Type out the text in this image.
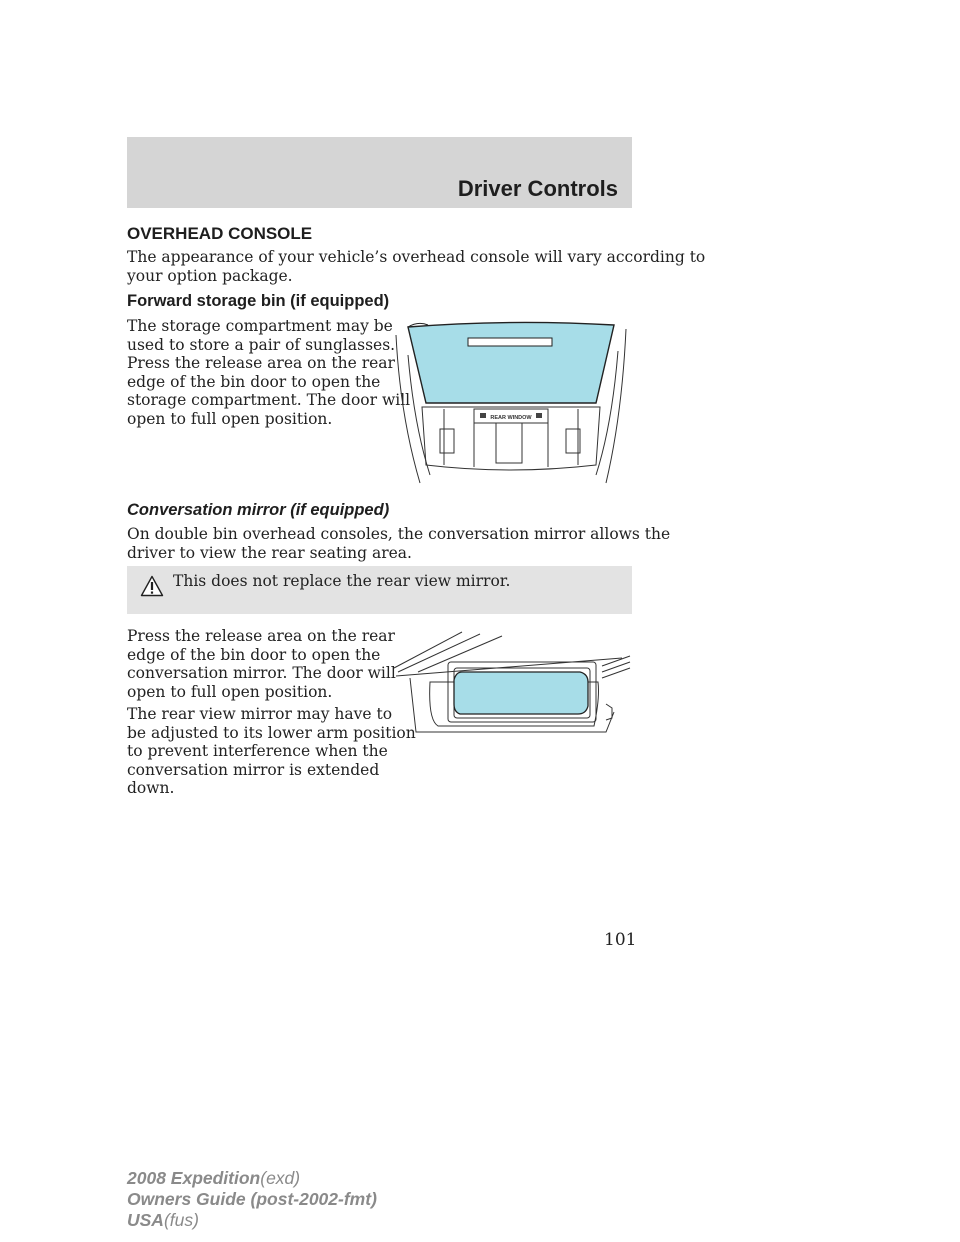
Driver Controls
OVERHEAD CONSOLE
The appearance of your vehicle’s overhead console will vary according to
your option package.
Forward storage bin (if equipped)
The storage compartment may be
used to store a pair of sunglasses.
Press the release area on the rear
edge of the bin door to open the
storage compartment. The door will
open to full open position.	REAR WINDOW
Conversation mirror (if equipped)
On double bin overhead consoles, the conversation mirror allows the
driver to view the rear seating area.
This does not replace the rear view mirror.
Press the release area on the rear
edge of the bin door to open the
conversation mirror. The door will
open to full open position.
The rear view mirror may have to
be adjusted to its lower arm position
to prevent interference when the
conversation mirror is extended
down.
101
2008 Expedition(exd)
Owners Guide (post-2002-fmt)
USA(fus)
